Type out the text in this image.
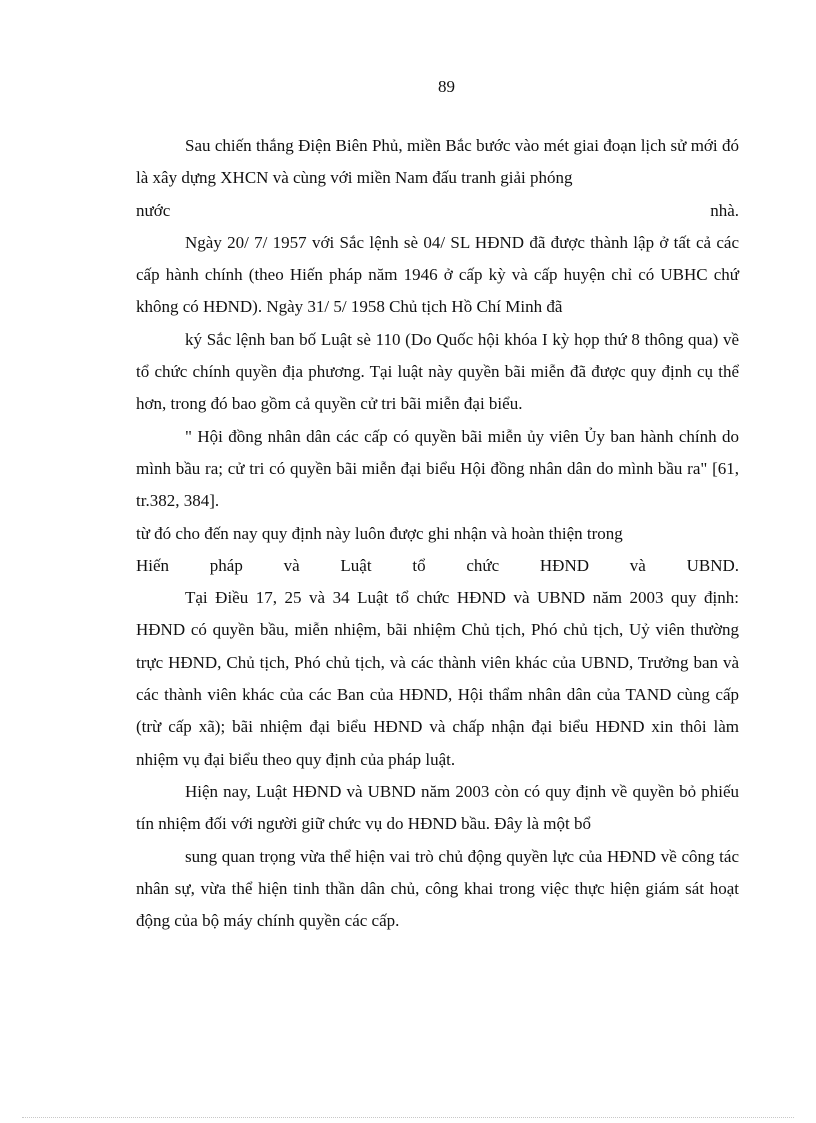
89

Sau chiến thắng Điện Biên Phủ, miền Bắc bước vào mét giai đoạn lịch sử mới đó là xây dựng XHCN và cùng với miền Nam đấu tranh giải phóng

nước nhà.

Ngày 20/ 7/ 1957 với Sắc lệnh sè 04/ SL HĐND đã được thành lập ở tất cả các cấp hành chính (theo Hiến pháp năm 1946 ở cấp kỳ và cấp huyện chỉ có UBHC chứ không có HĐND). Ngày 31/ 5/ 1958 Chủ tịch Hồ Chí Minh đã

ký Sắc lệnh ban bố Luật sè 110 (Do Quốc hội khóa I kỳ họp thứ 8 thông qua) về tổ chức chính quyền địa phương. Tại luật này quyền bãi miễn đã được quy định cụ thể hơn, trong đó bao gồm cả quyền cử tri bãi miễn đại biểu.

" Hội đồng nhân dân các cấp có quyền bãi miễn ủy viên Ủy ban hành chính do mình bầu ra; cử tri có quyền bãi miễn đại biểu Hội đồng nhân dân do mình bầu ra" [61, tr.382, 384].

từ đó cho đến nay quy định này luôn được ghi nhận và hoàn thiện trong

Hiến pháp và Luật tổ chức HĐND và UBND.

Tại Điều 17, 25 và 34 Luật tổ chức HĐND và UBND năm 2003 quy định: HĐND có quyền bầu, miễn nhiệm, bãi nhiệm Chủ tịch, Phó chủ tịch, Uỷ viên thường trực HĐND, Chủ tịch, Phó chủ tịch, và các thành viên khác của UBND, Trưởng ban và các thành viên khác của các Ban của HĐND, Hội thẩm nhân dân của TAND cùng cấp (trừ cấp xã); bãi nhiệm đại biểu HĐND và chấp nhận đại biểu HĐND xin thôi làm nhiệm vụ đại biểu theo quy định của pháp luật.

Hiện nay, Luật HĐND và UBND năm 2003 còn có quy định về quyền bỏ phiếu tín nhiệm đối với người giữ chức vụ do HĐND bầu. Đây là một bổ

sung quan trọng vừa thể hiện vai trò chủ động quyền lực của HĐND về công tác nhân sự, vừa thể hiện tinh thần dân chủ, công khai trong việc thực hiện giám sát hoạt động của bộ máy chính quyền các cấp.
